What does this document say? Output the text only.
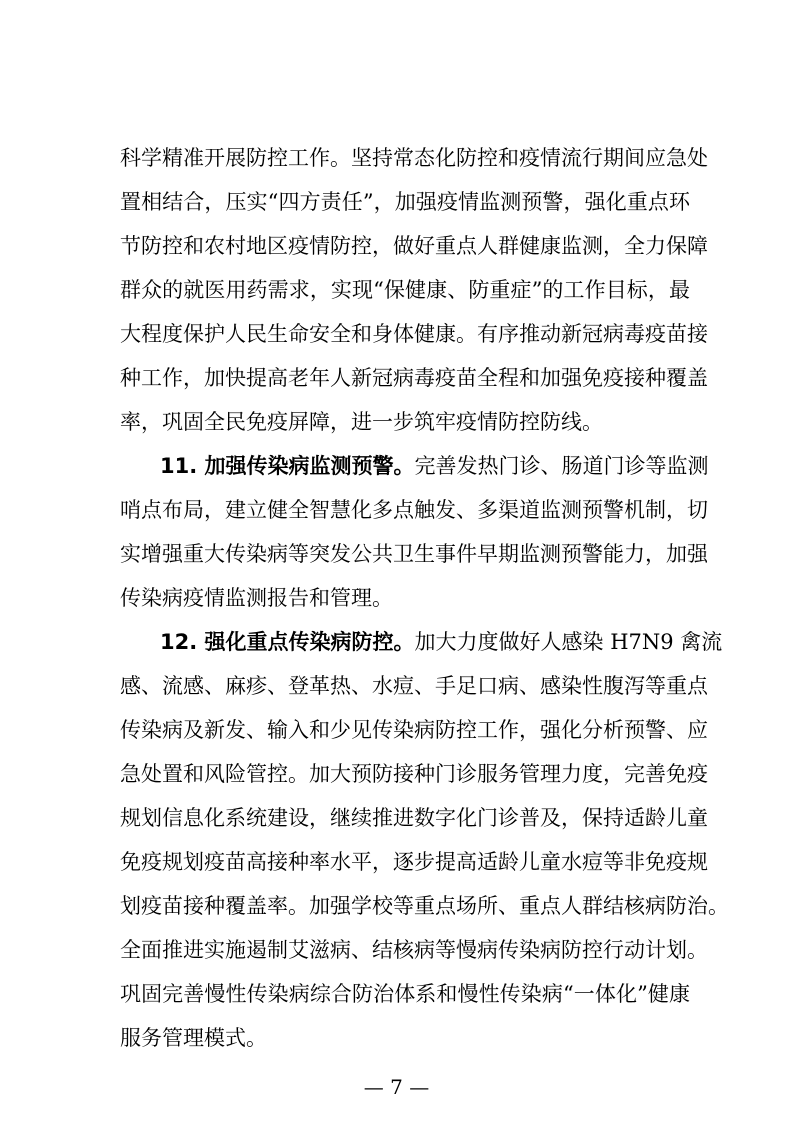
科学精准开展防控工作。坚持常态化防控和疫情流行期间应急处
置相结合，压实“四方责任”，加强疫情监测预警，强化重点环
节防控和农村地区疫情防控，做好重点人群健康监测，全力保障
群众的就医用药需求，实现“保健康、防重症”的工作目标，最
大程度保护人民生命安全和身体健康。有序推动新冠病毒疫苗接
种工作，加快提高老年人新冠病毒疫苗全程和加强免疫接种覆盖
率，巩固全民免疫屏障，进一步筑牢疫情防控防线。
11. 加强传染病监测预警。完善发热门诊、肠道门诊等监测
哨点布局，建立健全智慧化多点触发、多渠道监测预警机制，切
实增强重大传染病等突发公共卫生事件早期监测预警能力，加强
传染病疫情监测报告和管理。
12. 强化重点传染病防控。加大力度做好人感染 H7N9 禽流
感、流感、麻疹、登革热、水痘、手足口病、感染性腹泻等重点
传染病及新发、输入和少见传染病防控工作，强化分析预警、应
急处置和风险管控。加大预防接种门诊服务管理力度，完善免疫
规划信息化系统建设，继续推进数字化门诊普及，保持适龄儿童
免疫规划疫苗高接种率水平，逐步提高适龄儿童水痘等非免疫规
划疫苗接种覆盖率。加强学校等重点场所、重点人群结核病防治。
全面推进实施遏制艾滋病、结核病等慢病传染病防控行动计划。
巩固完善慢性传染病综合防治体系和慢性传染病“一体化”健康
服务管理模式。
— 7 —
